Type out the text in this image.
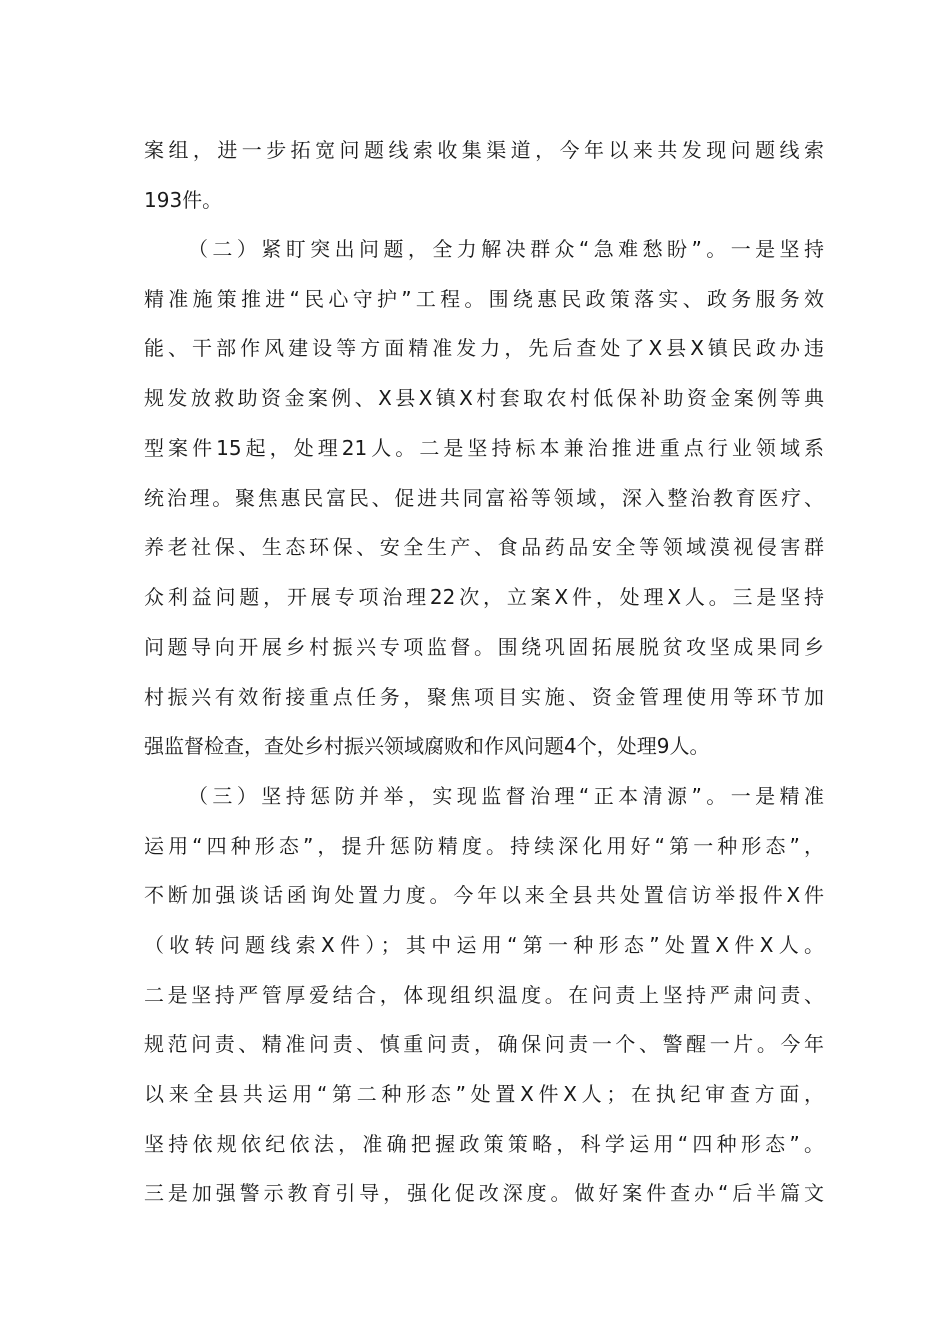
案组，进一步拓宽问题线索收集渠道，今年以来共发现问题线索
193件。
（二）紧盯突出问题，全力解决群众“急难愁盼”。一是坚持
精准施策推进“民心守护”工程。围绕惠民政策落实、政务服务效
能、干部作风建设等方面精准发力，先后查处了X县X镇民政办违
规发放救助资金案例、X县X镇X村套取农村低保补助资金案例等典
型案件15起，处理21人。二是坚持标本兼治推进重点行业领域系
统治理。聚焦惠民富民、促进共同富裕等领域，深入整治教育医疗、
养老社保、生态环保、安全生产、食品药品安全等领域漠视侵害群
众利益问题，开展专项治理22次，立案X件，处理X人。三是坚持
问题导向开展乡村振兴专项监督。围绕巩固拓展脱贫攻坚成果同乡
村振兴有效衔接重点任务，聚焦项目实施、资金管理使用等环节加
强监督检查，查处乡村振兴领域腐败和作风问题4个，处理9人。
（三）坚持惩防并举，实现监督治理“正本清源”。一是精准
运用“四种形态”，提升惩防精度。持续深化用好“第一种形态”，
不断加强谈话函询处置力度。今年以来全县共处置信访举报件X件
（收转问题线索X件）；其中运用“第一种形态”处置X件X人。
二是坚持严管厚爱结合，体现组织温度。在问责上坚持严肃问责、
规范问责、精准问责、慎重问责，确保问责一个、警醒一片。今年
以来全县共运用“第二种形态”处置X件X人；在执纪审查方面，
坚持依规依纪依法，准确把握政策策略，科学运用“四种形态”。
三是加强警示教育引导，强化促改深度。做好案件查办“后半篇文
